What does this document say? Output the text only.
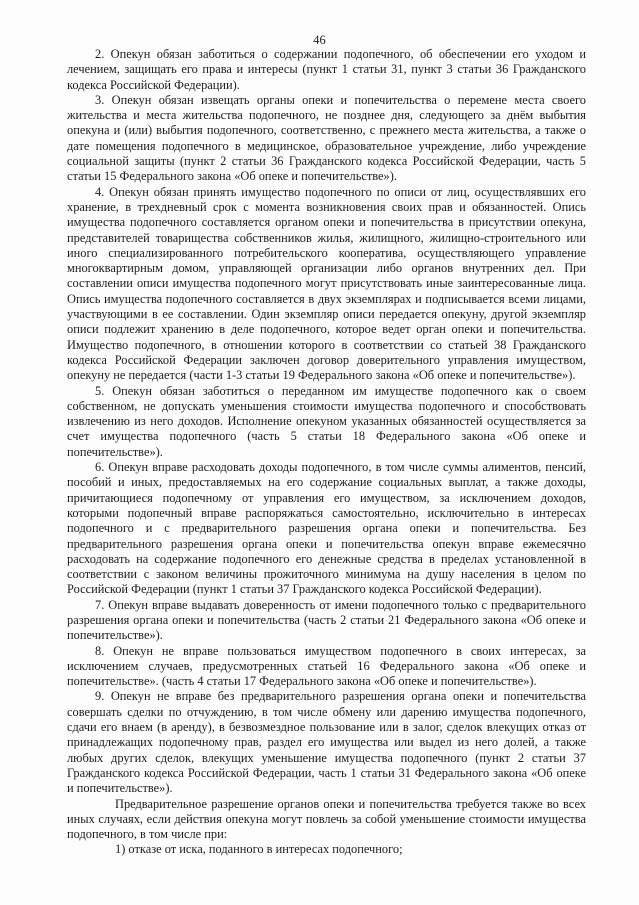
46

2. Опекун обязан заботиться о содержании подопечного, об обеспечении его уходом и лечением, защищать его права и интересы (пункт 1 статьи 31, пункт 3 статьи 36 Гражданского кодекса Российской Федерации).

3. Опекун обязан извещать органы опеки и попечительства о перемене места своего жительства и места жительства подопечного, не позднее дня, следующего за днём выбытия опекуна и (или) выбытия подопечного, соответственно, с прежнего места жительства, а также о дате помещения подопечного в медицинское, образовательное учреждение, либо учреждение социальной защиты (пункт 2 статьи 36 Гражданского кодекса Российской Федерации, часть 5 статьи 15 Федерального закона «Об опеке и попечительстве»).

4. Опекун обязан принять имущество подопечного по описи от лиц, осуществлявших его хранение, в трехдневный срок с момента возникновения своих прав и обязанностей. Опись имущества подопечного составляется органом опеки и попечительства в присутствии опекуна, представителей товарищества собственников жилья, жилищного, жилищно-строительного или иного специализированного потребительского кооператива, осуществляющего управление многоквартирным домом, управляющей организации либо органов внутренних дел. При составлении описи имущества подопечного могут присутствовать иные заинтересованные лица. Опись имущества подопечного составляется в двух экземплярах и подписывается всеми лицами, участвующими в ее составлении. Один экземпляр описи передается опекуну, другой экземпляр описи подлежит хранению в деле подопечного, которое ведет орган опеки и попечительства. Имущество подопечного, в отношении которого в соответствии со статьей 38 Гражданского кодекса Российской Федерации заключен договор доверительного управления имуществом, опекуну не передается (части 1-3 статьи 19 Федерального закона «Об опеке и попечительстве»).

5. Опекун обязан заботиться о переданном им имуществе подопечного как о своем собственном, не допускать уменьшения стоимости имущества подопечного и способствовать извлечению из него доходов. Исполнение опекуном указанных обязанностей осуществляется за счет имущества подопечного (часть 5 статьи 18 Федерального закона «Об опеке и попечительстве»).

6. Опекун вправе расходовать доходы подопечного, в том числе суммы алиментов, пенсий, пособий и иных, предоставляемых на его содержание социальных выплат, а также доходы, причитающиеся подопечному от управления его имуществом, за исключением доходов, которыми подопечный вправе распоряжаться самостоятельно, исключительно в интересах подопечного и с предварительного разрешения органа опеки и попечительства. Без предварительного разрешения органа опеки и попечительства опекун вправе ежемесячно расходовать на содержание подопечного его денежные средства в пределах установленной в соответствии с законом величины прожиточного минимума на душу населения в целом по Российской Федерации (пункт 1 статьи 37 Гражданского кодекса Российской Федерации).

7. Опекун вправе выдавать доверенность от имени подопечного только с предварительного разрешения органа опеки и попечительства (часть 2 статьи 21 Федерального закона «Об опеке и попечительстве»).

8. Опекун не вправе пользоваться имуществом подопечного в своих интересах, за исключением случаев, предусмотренных статьей 16 Федерального закона «Об опеке и попечительстве». (часть 4 статьи 17 Федерального закона «Об опеке и попечительстве»).

9. Опекун не вправе без предварительного разрешения органа опеки и попечительства совершать сделки по отчуждению, в том числе обмену или дарению имущества подопечного, сдачи его внаем (в аренду), в безвозмездное пользование или в залог, сделок влекущих отказ от принадлежащих подопечному прав, раздел его имущества или выдел из него долей, а также любых других сделок, влекущих уменьшение имущества подопечного (пункт 2 статьи 37 Гражданского кодекса Российской Федерации, часть 1 статьи 31 Федерального закона «Об опеке и попечительстве»).

Предварительное разрешение органов опеки и попечительства требуется также во всех иных случаях, если действия опекуна могут повлечь за собой уменьшение стоимости имущества подопечного, в том числе при:

1) отказе от иска, поданного в интересах подопечного;
